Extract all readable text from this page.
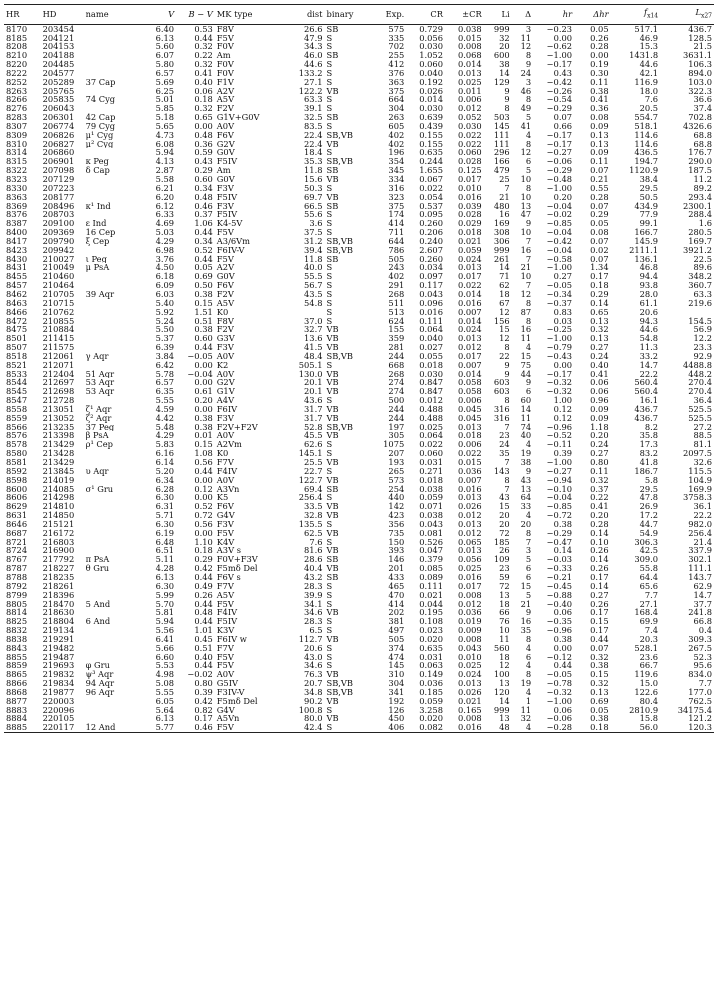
HR	HD	name	V	B − V	MK type	dist	binary	Exp.	CR	±CR	Li	Δ	hr	Δhr	$f_{x14}$	$L_{x27}$
8170	203454		6.40	0.53	F8V	26.6	SB	575	0.729	0.038	999	3	−0.23	0.05	517.1	436.7
8185	204121		6.13	0.44	F5V	47.9	S	335	0.056	0.015	32	11	0.00	0.26	46.9	128.5
8208	204153		5.60	0.32	F0V	34.3	S	702	0.030	0.008	20	12	−0.62	0.28	15.3	21.5
8210	204188		6.07	0.22	Am	46.0	SB	255	1.052	0.068	600	8	−1.00	0.00	1431.8	3631.1
8220	204485		5.80	0.32	F0V	44.6	S	412	0.060	0.014	38	9	−0.17	0.19	44.6	106.3
8222	204577		6.57	0.41	F0V	133.2	S	376	0.040	0.013	14	24	0.43	0.30	42.1	894.0
8252	205289	37 Cap	5.69	0.40	F1V	27.1	S	363	0.192	0.025	129	3	−0.42	0.11	116.9	103.0
8263	205765		6.25	0.06	A2V	122.2	VB	375	0.026	0.011	9	46	−0.26	0.38	18.0	322.3
8266	205835	74 Cyg	5.01	0.18	A5V	63.3	S	664	0.014	0.006	9	8	−0.54	0.41	7.6	36.6
8276	206043		5.85	0.32	F2V	39.1	S	304	0.030	0.012	8	49	−0.29	0.36	20.5	37.4
8283	206301	42 Cap	5.18	0.65	G1V+G0V	32.5	SB	263	0.639	0.052	503	5	0.07	0.08	554.7	702.8
8307	206774	79 Cyg	5.65	0.00	A0V	83.5	S	605	0.439	0.030	145	41	0.66	0.09	518.1	4326.6
8309	206826	μ¹ Cyg	4.73	0.48	F6V	22.4	SB,VB	402	0.155	0.022	111	4	−0.17	0.13	114.6	68.8
8310	206827	μ² Cyg	6.08	0.36	G2V	22.4	VB	402	0.155	0.022	111	8	−0.17	0.13	114.6	68.8
8314	206860		5.94	0.59	G0V	18.4	S	196	0.635	0.060	296	12	−0.27	0.09	436.5	176.7
8315	206901	κ Peg	4.13	0.43	F5IV	35.3	SB,VB	354	0.244	0.028	166	6	−0.06	0.11	194.7	290.0
8322	207098	δ Cap	2.87	0.29	Am	11.8	SB	345	1.655	0.125	479	5	−0.29	0.07	1120.9	187.5
8323	207129		5.58	0.60	G0V	15.6	VB	334	0.067	0.017	25	10	−0.48	0.21	38.4	11.2
8330	207223		6.21	0.34	F3V	50.3	S	316	0.022	0.010	7	8	−1.00	0.55	29.5	89.2
8363	208177		6.20	0.48	F5IV	69.7	VB	323	0.054	0.016	21	10	0.20	0.28	50.5	293.4
8369	208496	κ¹ Ind	6.12	0.46	F3V	66.5	SB	375	0.537	0.039	480	13	−0.04	0.07	434.9	2300.1
8376	208703		6.33	0.37	F5IV	55.6	S	174	0.095	0.028	16	47	−0.02	0.29	77.9	288.4
8387	209100	ε Ind	4.69	1.06	K4-5V	3.6	S	414	0.260	0.029	169	9	−0.85	0.05	99.1	1.6
8400	209369	16 Cep	5.03	0.44	F5V	37.5	S	711	0.206	0.018	308	10	−0.04	0.08	166.7	280.5
8417	209790	ξ Cep	4.29	0.34	A3/6Vm	31.2	SB,VB	644	0.240	0.021	306	7	−0.42	0.07	145.9	169.7
8423	209942		6.98	0.52	F6IV-V	39.4	SB,VB	786	2.607	0.059	999	16	−0.04	0.02	2111.1	3921.2
8430	210027	ι Peg	3.76	0.44	F5V	11.8	SB	505	0.260	0.024	261	7	−0.58	0.07	136.1	22.5
8431	210049	μ PsA	4.50	0.05	A2V	40.0	S	243	0.034	0.013	14	21	−1.00	1.34	46.8	89.6
8455	210460		6.18	0.69	G0V	55.5	S	402	0.097	0.017	71	10	0.27	0.17	94.4	348.2
8457	210464		6.09	0.50	F6V	56.7	S	291	0.117	0.022	62	7	−0.05	0.18	93.8	360.7
8462	210705	39 Aqr	6.03	0.38	F2V	43.5	S	268	0.043	0.014	18	12	−0.34	0.29	28.0	63.3
8463	210715		5.40	0.15	A5V	54.8	S	511	0.096	0.016	67	8	−0.37	0.14	61.1	219.6
8466	210762		5.92	1.51	K0		S	513	0.016	0.007	12	87	0.83	0.65	20.6	
8472	210855		5.24	0.51	F8V	37.0	S	624	0.111	0.014	156	8	0.03	0.13	94.3	154.5
8475	210884		5.50	0.38	F2V	32.7	VB	155	0.064	0.024	15	16	−0.25	0.32	44.6	56.9
8501	211415		5.37	0.60	G3V	13.6	VB	359	0.040	0.013	12	11	−1.00	0.13	54.8	12.2
8507	211575		6.39	0.44	F3V	41.5	VB	281	0.027	0.012	8	4	−0.79	0.27	11.3	23.3
8518	212061	γ Aqr	3.84	−0.05	A0V	48.4	SB,VB	244	0.055	0.017	22	15	−0.43	0.24	33.2	92.9
8521	212071		6.42	0.00	K2	505.1	S	668	0.018	0.007	9	75	0.00	0.40	14.7	4488.8
8533	212404	51 Aqr	5.78	−0.04	A0V	130.0	VB	268	0.030	0.014	9	44	−0.17	0.41	22.2	448.2
8544	212697	53 Aqr	6.57	0.00	G2V	20.1	VB	274	0.847	0.058	603	9	−0.32	0.06	560.4	270.4
8545	212698	53 Aqr	6.35	0.61	G1V	20.1	VB	274	0.847	0.058	603	6	−0.32	0.06	560.4	270.4
8547	212728		5.55	0.20	A4V	43.6	S	500	0.012	0.006	8	60	1.00	0.96	16.1	36.4
8558	213051	ζ¹ Aqr	4.59	0.00	F6IV	31.7	VB	244	0.488	0.045	316	14	0.12	0.09	436.7	525.5
8559	213052	ζ² Aqr	4.42	0.38	F3V	31.7	VB	244	0.488	0.045	316	11	0.12	0.09	436.7	525.5
8566	213235	37 Peg	5.48	0.38	F2V+F2V	52.8	SB,VB	197	0.025	0.013	7	74	−0.96	1.18	8.2	27.2
8576	213398	β PsA	4.29	0.01	A0V	45.5	VB	305	0.064	0.018	23	40	−0.52	0.20	35.8	88.5
8578	213429	ρ¹ Cep	5.83	0.15	A2Vm	62.6	S	1075	0.022	0.006	24	4	−0.11	0.24	17.3	81.1
8580	213428		6.16	1.08	K0	145.1	S	207	0.060	0.022	35	19	0.39	0.27	83.2	2097.5
8581	213429		6.14	0.56	F7V	25.5	VB	193	0.031	0.015	7	38	−1.00	0.80	41.8	32.6
8592	213845	υ Aqr	5.20	0.44	F4IV	22.7	S	265	0.271	0.036	143	9	−0.27	0.11	186.7	115.5
8598	214019		6.34	0.00	A0V	122.7	VB	573	0.018	0.007	8	43	−0.94	0.32	5.8	104.9
8600	214085	σ¹ Gru	6.28	0.12	A3Vn	69.4	SB	254	0.038	0.016	7	13	−0.10	0.37	29.5	169.9
8606	214298		6.30	0.00	K5	256.4	S	440	0.059	0.013	43	64	−0.04	0.22	47.8	3758.3
8629	214810		6.31	0.52	F6V	33.5	VB	142	0.071	0.026	15	33	−0.85	0.41	26.9	36.1
8631	214850		5.71	0.72	G4V	32.8	VB	423	0.038	0.012	20	4	−0.72	0.20	17.2	22.2
8646	215121		6.30	0.56	F3V	135.5	S	356	0.043	0.013	20	20	0.38	0.28	44.7	982.0
8687	216172		6.19	0.00	F5V	62.5	VB	735	0.081	0.012	72	8	−0.29	0.14	54.9	256.4
8721	216803		6.48	1.10	K4V	7.6	S	150	0.526	0.065	185	7	−0.47	0.10	306.3	21.4
8724	216900		6.51	0.18	A3V s	81.6	VB	393	0.047	0.013	26	3	0.14	0.26	42.5	337.9
8767	217792	π PsA	5.11	0.29	F0V+F3V	28.6	SB	146	0.379	0.056	109	5	−0.03	0.14	309.0	302.1
8787	218227	θ Gru	4.28	0.42	F5mδ Del	40.4	VB	201	0.085	0.025	23	6	−0.33	0.26	55.8	111.1
8788	218235		6.13	0.44	F6V s	43.2	SB	433	0.089	0.016	59	6	−0.21	0.17	64.4	143.7
8792	218261		6.30	0.49	F7V	28.3	S	465	0.111	0.017	72	15	−0.45	0.14	65.6	62.9
8799	218396		5.99	0.26	A5V	39.9	S	470	0.021	0.008	13	5	−0.88	0.27	7.7	14.7
8805	218470	5 And	5.70	0.44	F5V	34.1	S	414	0.044	0.012	18	21	−0.40	0.26	27.1	37.7
8814	218630		5.81	0.48	F4IV	34.6	VB	202	0.195	0.036	66	9	0.06	0.17	168.4	241.8
8825	218804	6 And	5.94	0.44	F5IV	28.3	S	381	0.108	0.019	76	16	−0.35	0.15	69.9	66.8
8832	219134		5.56	1.01	K3V	6.5	S	497	0.023	0.009	10	35	−0.96	0.17	7.4	0.4
8838	219291		6.41	0.45	F6IV w	112.7	VB	505	0.020	0.008	11	8	0.38	0.44	20.3	309.3
8843	219482		5.66	0.51	F7V	20.6	S	374	0.635	0.043	560	4	0.00	0.07	528.1	267.5
8855	219487		6.60	0.40	F5V	43.0	S	474	0.031	0.010	18	6	−0.12	0.32	23.6	52.3
8859	219693	φ Gru	5.53	0.44	F5V	34.6	S	145	0.063	0.025	12	4	0.44	0.38	66.7	95.6
8865	219832	ψ³ Aqr	4.98	−0.02	A0V	76.3	VB	310	0.149	0.024	100	8	−0.05	0.15	119.6	834.0
8866	219834	94 Aqr	5.08	0.80	G5IV	20.7	SB,VB	304	0.036	0.013	13	19	−0.78	0.32	15.0	7.7
8868	219877	96 Aqr	5.55	0.39	F3IV-V	34.8	SB,VB	341	0.185	0.026	120	4	−0.32	0.13	122.6	177.0
8877	220003		6.05	0.42	F5mδ Del	90.2	VB	192	0.059	0.021	14	1	−1.00	0.69	80.4	762.5
8883	220096		5.64	0.82	G4V	100.8	S	126	3.258	0.165	999	11	0.06	0.05	2810.9	34175.4
8884	220105		6.13	0.17	A5Vn	80.0	VB	450	0.020	0.008	13	32	−0.06	0.38	15.8	121.2
8885	220117	12 And	5.77	0.46	F5V	42.4	S	406	0.082	0.016	48	4	−0.28	0.18	56.0	120.3
